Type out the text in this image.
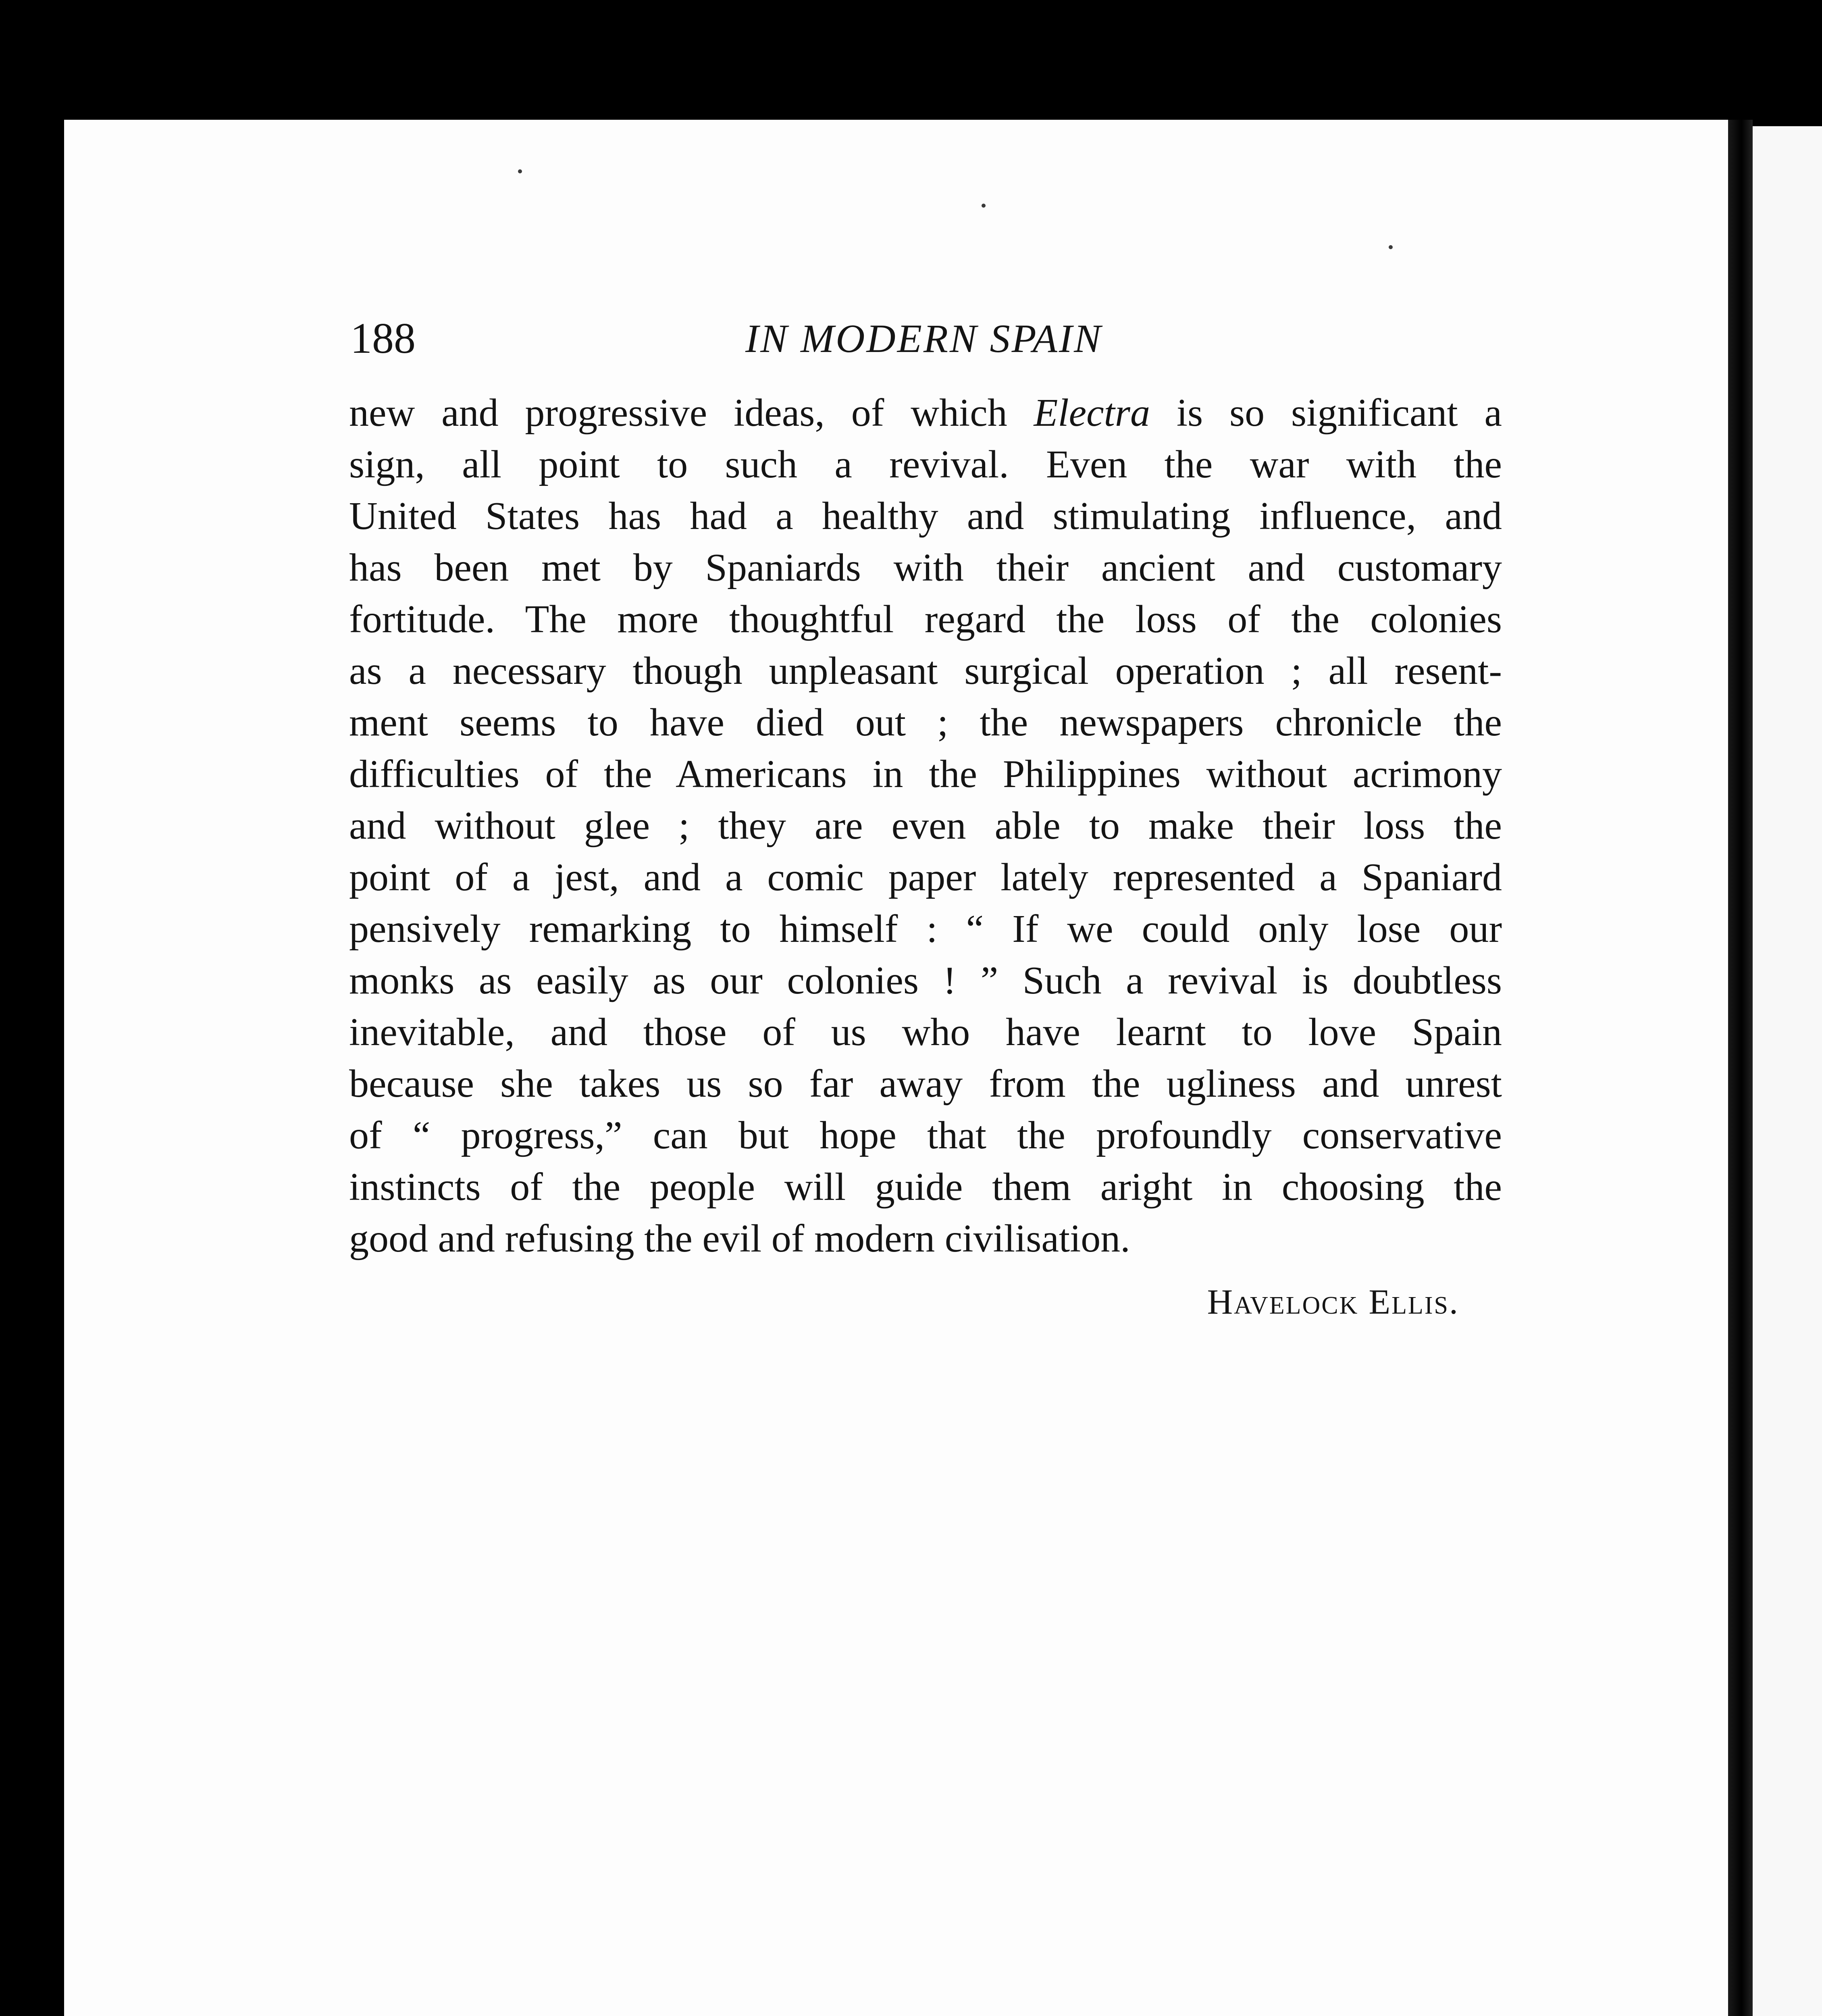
188	IN MODERN SPAIN
new and progressive ideas, of which Electra is so significant a
sign, all point to such a revival. Even the war with the
United States has had a healthy and stimulating influence, and
has been met by Spaniards with their ancient and customary
fortitude. The more thoughtful regard the loss of the colonies
as a necessary though unpleasant surgical operation ; all resent-
ment seems to have died out ; the newspapers chronicle the
difficulties of the Americans in the Philippines without acrimony
and without glee ; they are even able to make their loss the
point of a jest, and a comic paper lately represented a Spaniard
pensively remarking to himself : “ If we could only lose our
monks as easily as our colonies ! ” Such a revival is doubtless
inevitable, and those of us who have learnt to love Spain
because she takes us so far away from the ugliness and unrest
of “ progress,” can but hope that the profoundly conservative
instincts of the people will guide them aright in choosing the
good and refusing the evil of modern civilisation.
Havelock Ellis.
